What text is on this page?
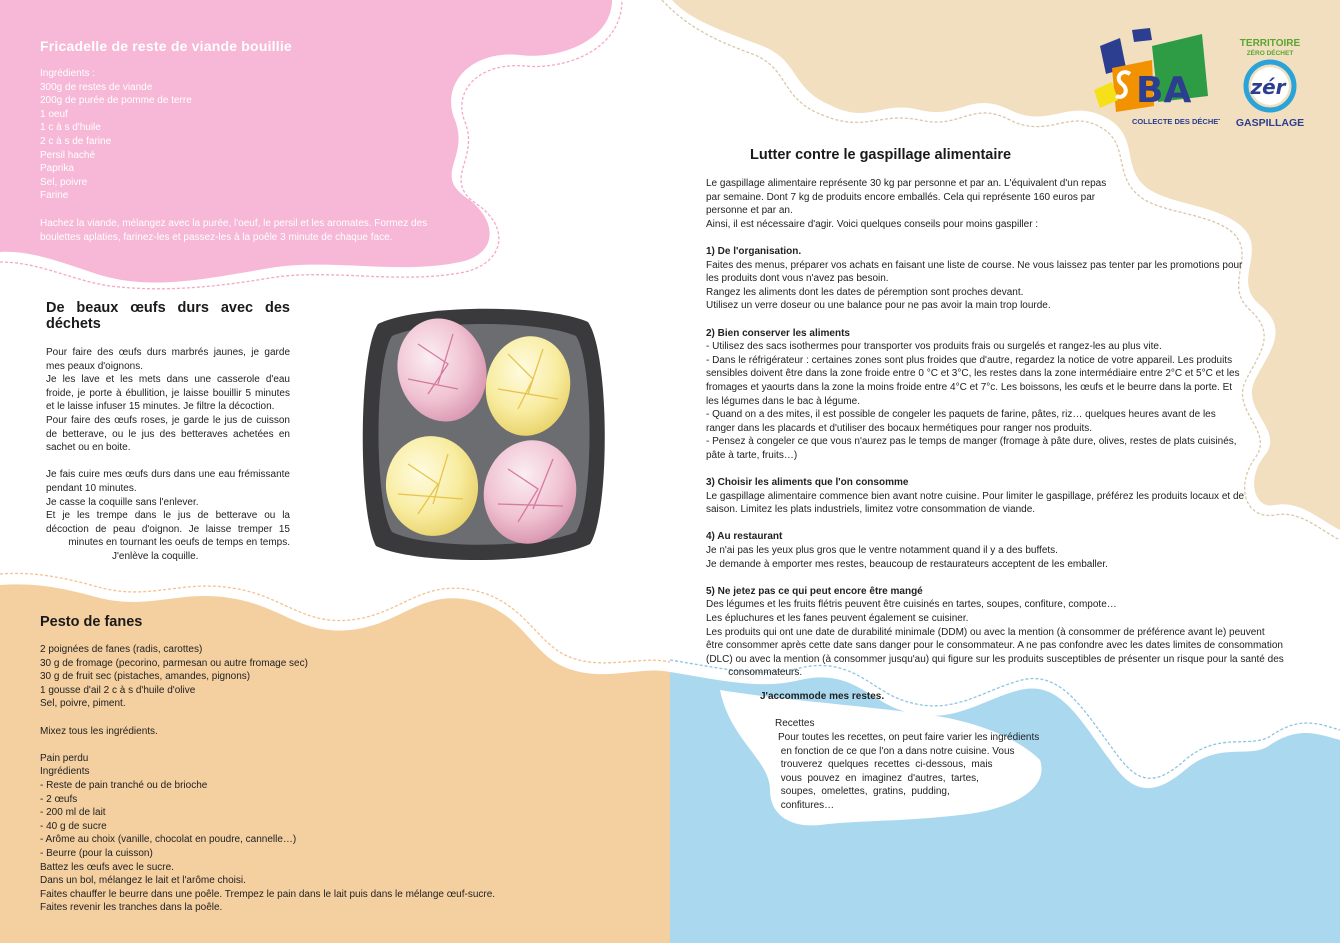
BA
COLLECTE DES DÉCHETS
TERRITOIRE
ZÉRO DÉCHET
zér
GASPILLAGE
Fricadelle de reste de viande bouillie
Ingrédients :
300g de restes de viande
200g de purée de pomme de terre
1 oeuf
1 c à s d'huile
2 c à s de farine
Persil haché
Paprika
Sel, poivre
Farine
Hachez la viande, mélangez avec la purée, l'oeuf, le persil et les aromates. Formez des
boulettes aplaties, farinez-les et passez-les à la poêle 3 minute de chaque face.
De beaux œufs durs avec des déchets
Pour faire des œufs durs marbrés jaunes, je garde mes peaux d'oignons.
Je les lave et les mets dans une casserole d'eau froide, je porte à ébullition, je laisse bouillir 5 minutes et le laisse infuser 15 minutes. Je filtre la décoction.
Pour faire des œufs roses, je garde le jus de cuisson de betterave, ou le jus des betteraves achetées en sachet ou en boite.
Je fais cuire mes œufs durs dans une eau frémissante pendant 10 minutes.
Je casse la coquille sans l'enlever.
Et je les trempe dans le jus de betterave ou la décoction de peau d'oignon. Je laisse tremper 15
minutes en tournant les oeufs de temps en temps.
J'enlève la coquille.
Pesto de fanes
2 poignées de fanes (radis, carottes)
30 g de fromage (pecorino, parmesan ou autre fromage sec)
30 g de fruit sec (pistaches, amandes, pignons)
1 gousse d'ail 2 c à s d'huile d'olive
Sel, poivre, piment.
Mixez tous les ingrédients.
Pain perdu
Ingrédients
- Reste de pain tranché ou de brioche
- 2 œufs
- 200 ml de lait
- 40 g de sucre
- Arôme au choix (vanille, chocolat en poudre, cannelle…)
- Beurre (pour la cuisson)
Battez les œufs avec le sucre.
Dans un bol, mélangez le lait et l'arôme choisi.
Faites chauffer le beurre dans une poêle. Trempez le pain dans le lait puis dans le mélange œuf-sucre.
Faites revenir les tranches dans la poêle.
Lutter contre le gaspillage alimentaire
Le gaspillage alimentaire représente 30 kg par personne et par an. L'équivalent d'un repas
par semaine. Dont 7 kg de produits encore emballés. Cela qui représente 160 euros par
personne et par an.
Ainsi, il est nécessaire d'agir. Voici quelques conseils pour moins gaspiller :
1) De l'organisation.
Faites des menus, préparer vos achats en faisant une liste de course. Ne vous laissez pas tenter par les promotions pour
les produits dont vous n'avez pas besoin.
Rangez les aliments dont les dates de péremption sont proches devant.
Utilisez un verre doseur ou une balance pour ne pas avoir la main trop lourde.
2) Bien conserver les aliments
- Utilisez des sacs isothermes pour transporter vos produits frais ou surgelés et rangez-les au plus vite.
- Dans le réfrigérateur : certaines zones sont plus froides que d'autre, regardez la notice de votre appareil. Les produits
sensibles doivent être dans la zone froide entre 0 °C et 3°C, les restes dans la zone intermédiaire entre 2°C et 5°C et les
fromages et yaourts dans la zone la moins froide entre 4°C et 7°c. Les boissons, les œufs et le beurre dans la porte. Et
les légumes dans le bac à légume.
- Quand on a des mites, il est possible de congeler les paquets de farine, pâtes, riz… quelques heures avant de les
ranger dans les placards et d'utiliser des bocaux hermétiques pour ranger nos produits.
- Pensez à congeler ce que vous n'aurez pas le temps de manger (fromage à pâte dure, olives, restes de plats cuisinés,
pâte à tarte, fruits…)
3) Choisir les aliments que l'on consomme
Le gaspillage alimentaire commence bien avant notre cuisine. Pour limiter le gaspillage, préférez les produits locaux et de
saison. Limitez les plats industriels, limitez votre consommation de viande.
4) Au restaurant
Je n'ai pas les yeux plus gros que le ventre notamment quand il y a des buffets.
Je demande à emporter mes restes, beaucoup de restaurateurs acceptent de les emballer.
5) Ne jetez pas ce qui peut encore être mangé
Des légumes et les fruits flétris peuvent être cuisinés en tartes, soupes, confiture, compote…
Les épluchures et les fanes peuvent également se cuisiner.
Les produits qui ont une date de durabilité minimale (DDM) ou avec la mention (à consommer de préférence avant le) peuvent
être consommer après cette date sans danger pour le consommateur. A ne pas confondre avec les dates limites de consommation
(DLC) ou avec la mention (à consommer jusqu'au) qui figure sur les produits susceptibles de présenter un risque pour la santé des
consommateurs.
J'accommode mes restes.
Recettes
Pour toutes les recettes, on peut faire varier les ingrédients
en fonction de ce que l'on a dans notre cuisine. Vous
trouverez  quelques  recettes  ci-dessous,  mais
vous  pouvez  en  imaginez  d'autres,  tartes,
soupes,  omelettes,  gratins,  pudding,
confitures…
